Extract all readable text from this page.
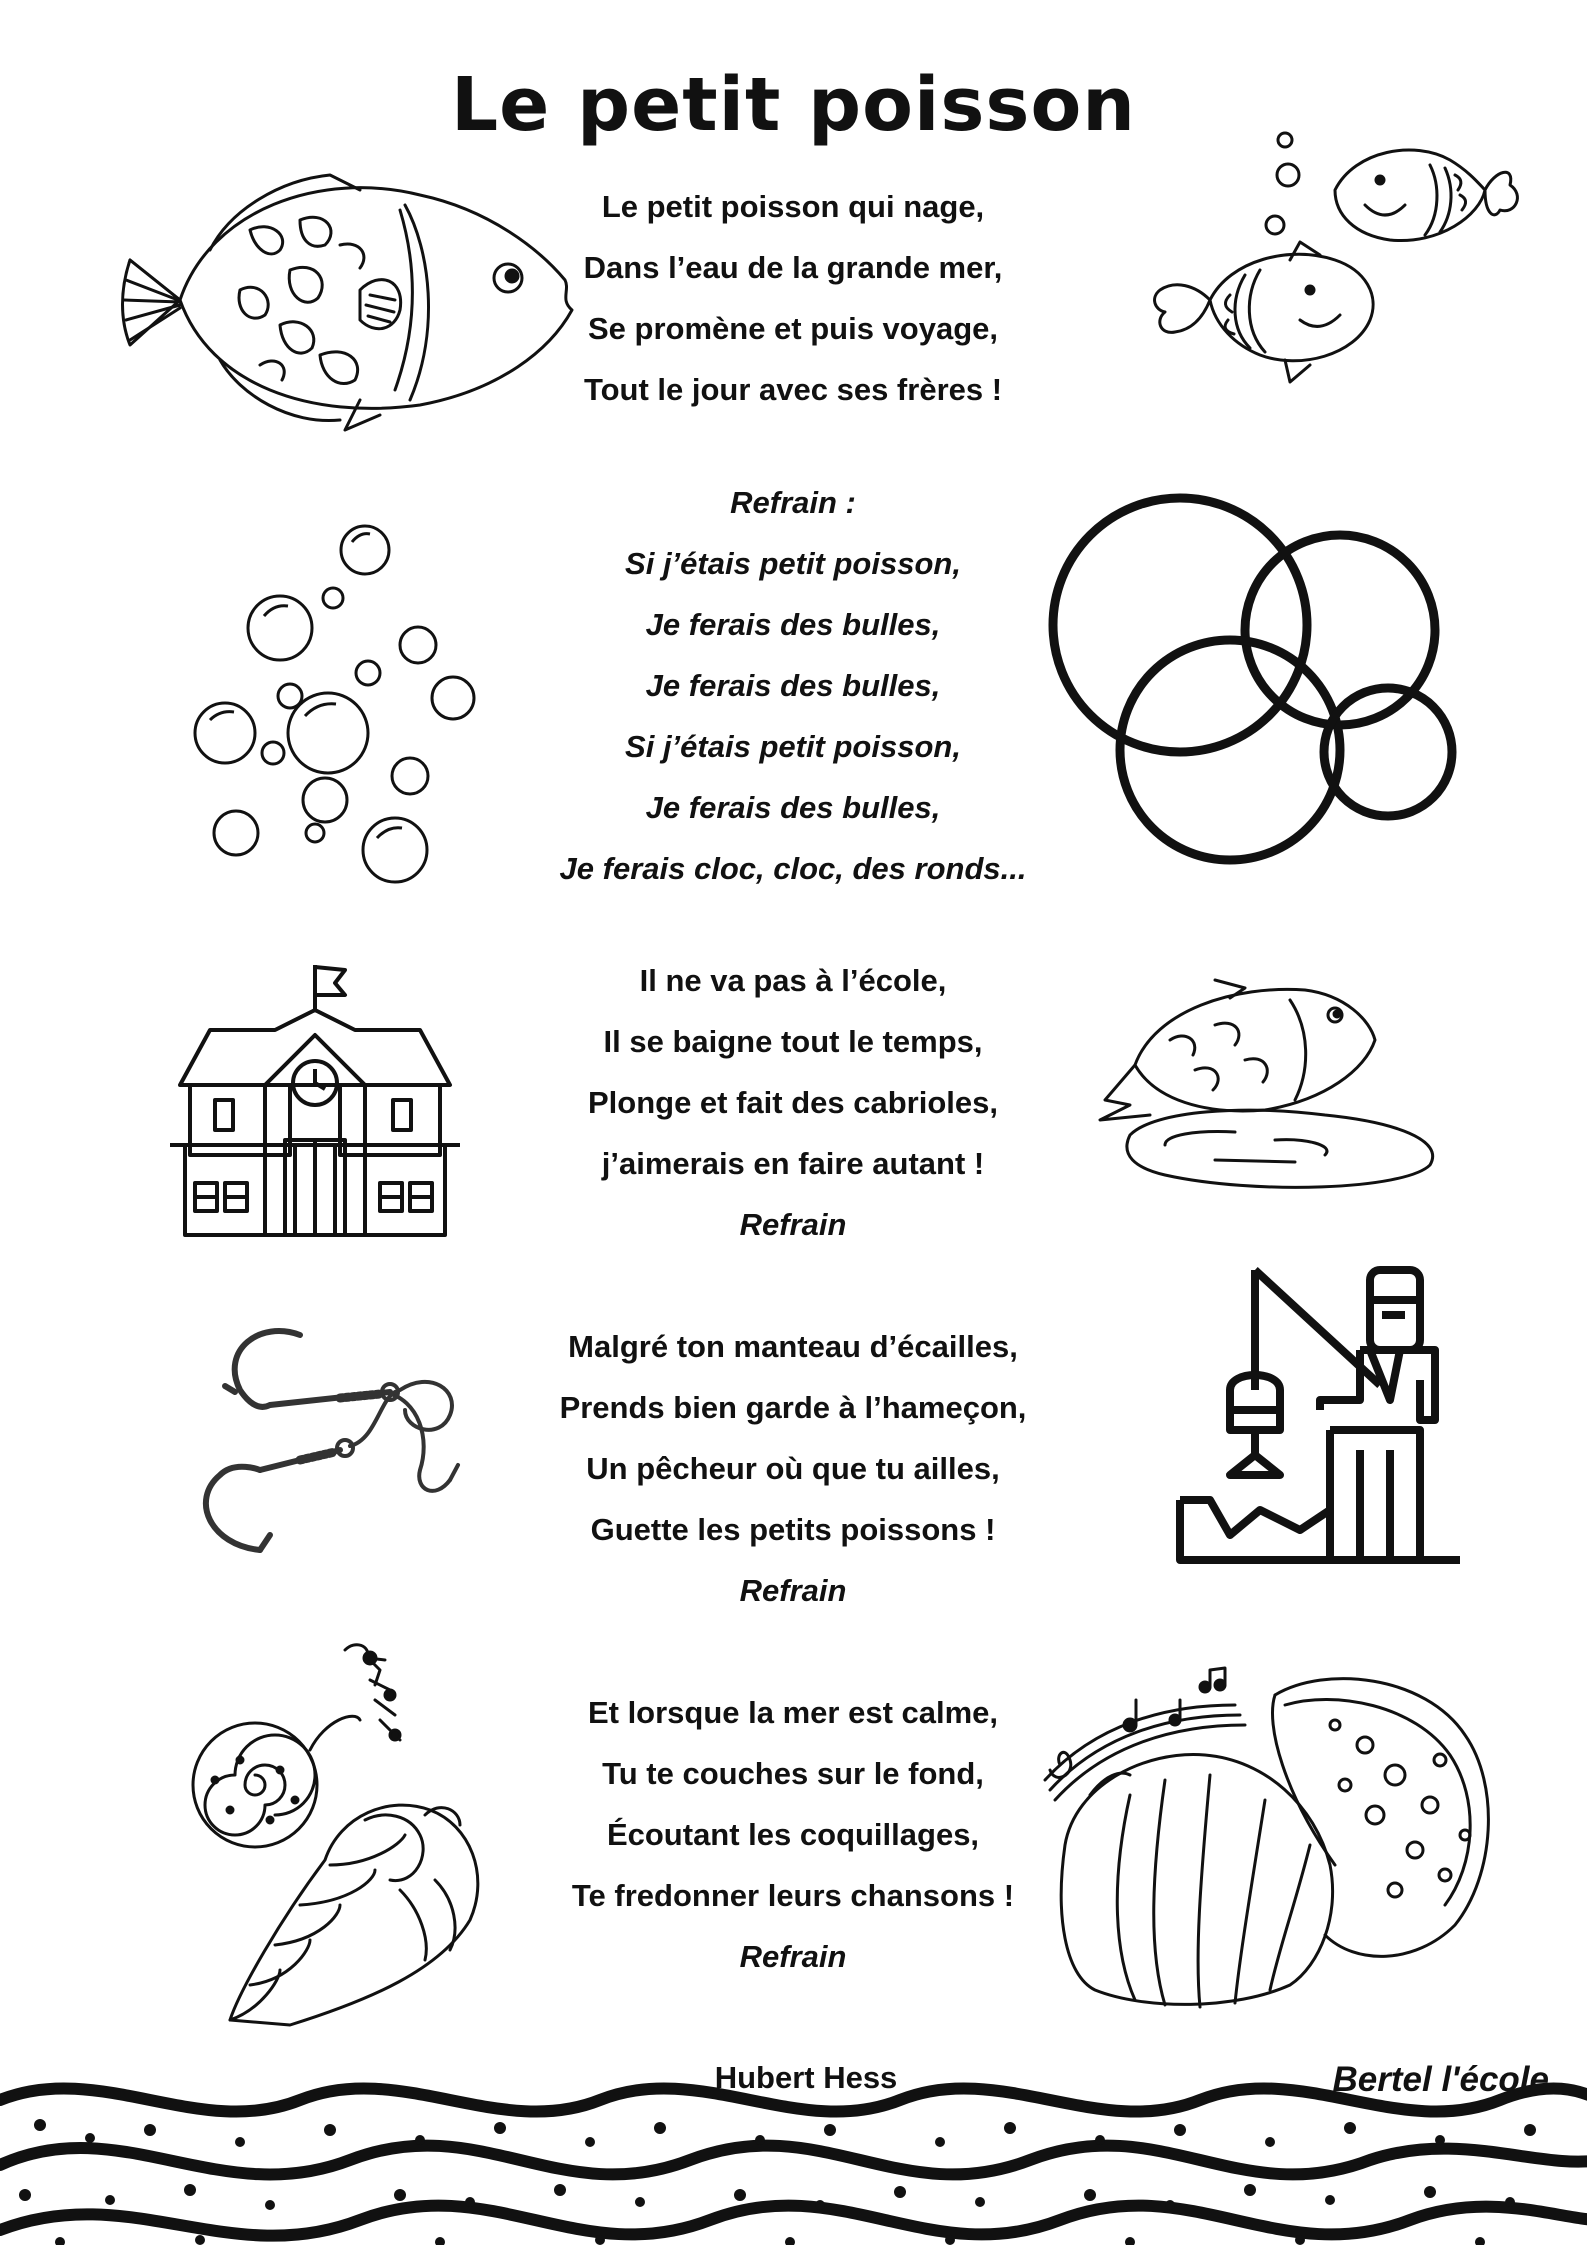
Le petit poisson
Le petit poisson qui nage,
Dans l’eau de la grande mer,
Se promène et puis voyage,
Tout le jour avec ses frères !
Refrain :
Si j’étais petit poisson,
Je ferais des bulles,
Je ferais des bulles,
Si j’étais petit poisson,
Je ferais des bulles,
Je ferais cloc, cloc, des ronds...
Il ne va pas à l’école,
Il se baigne tout le temps,
Plonge et fait des cabrioles,
j’aimerais en faire autant !
Refrain
Malgré ton manteau d’écailles,
Prends bien garde à l’hameçon,
Un pêcheur où que tu ailles,
Guette les petits poissons !
Refrain
Et lorsque la mer est calme,
Tu te couches sur le fond,
Écoutant les coquillages,
Te fredonner leurs chansons !
Refrain
Hubert Hess	Bertel l'école
